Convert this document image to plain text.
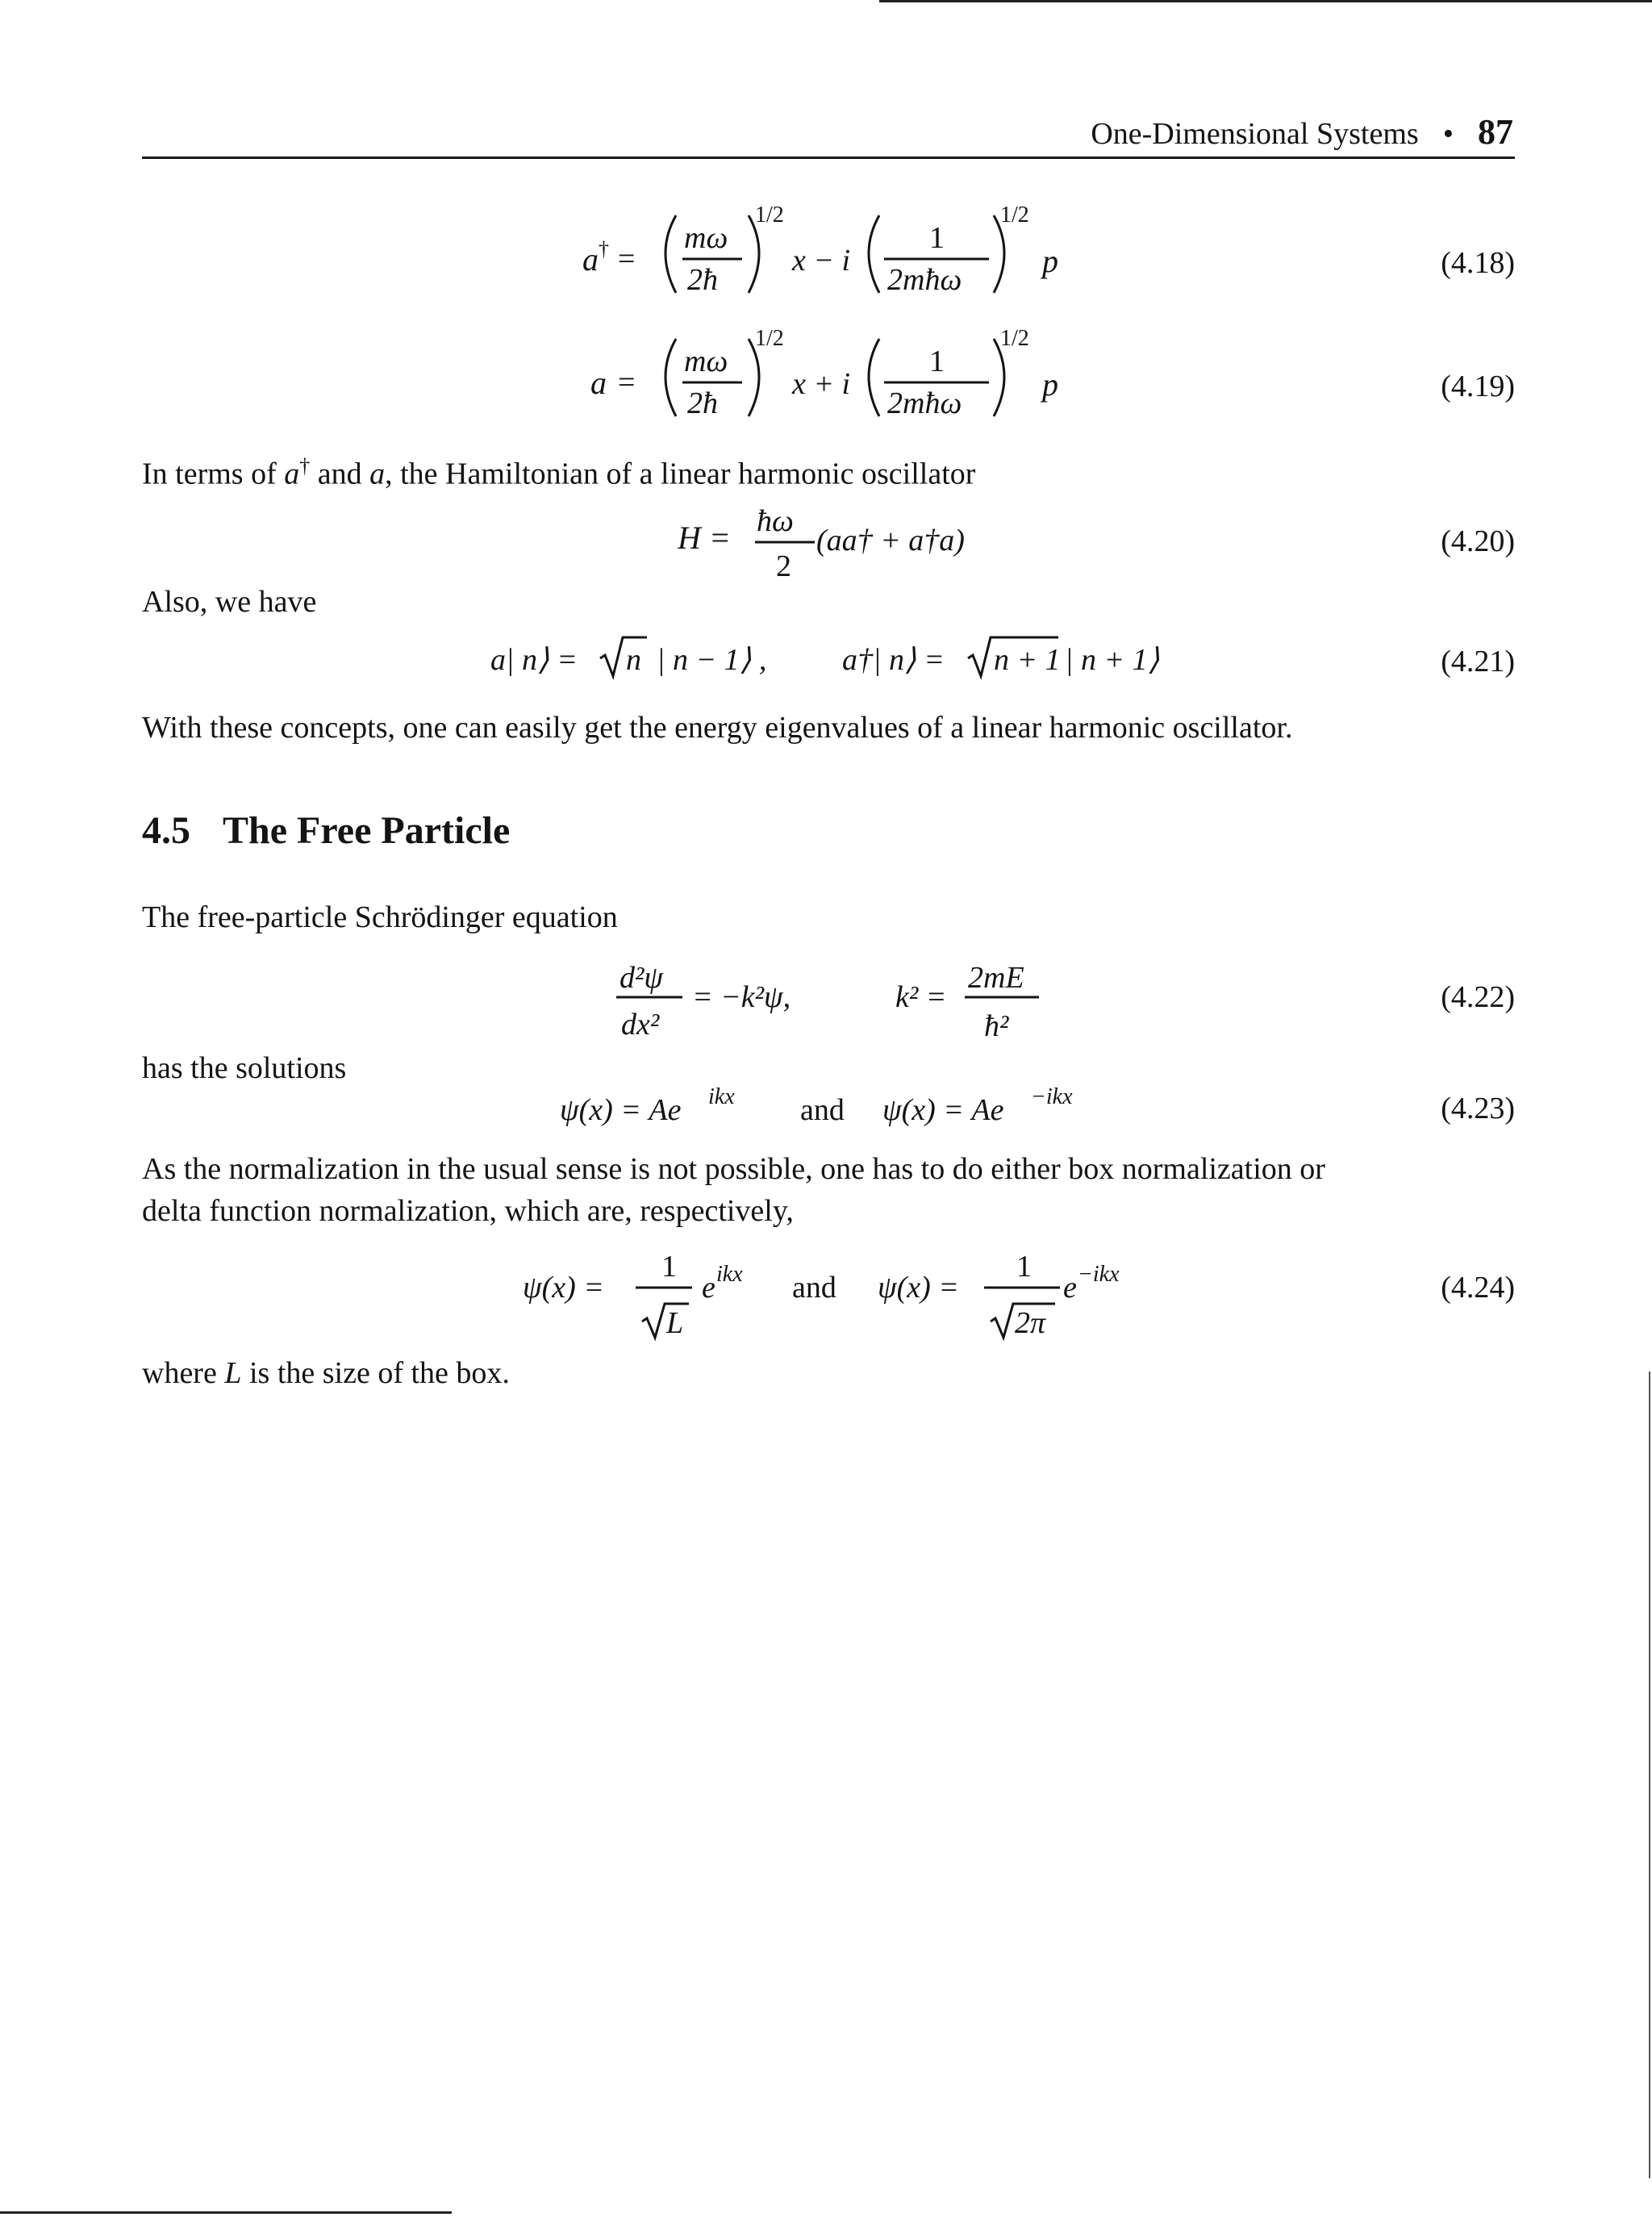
One-Dimensional Systems • 87
a † =
mω
2ħ
1/2
x − i
1
2mħω
1/2
p	(4.18)
a =
mω
2ħ
1/2
x + i
1
2mħω
1/2
p	(4.19)
In terms of a† and a, the Hamiltonian of a linear harmonic oscillator
H = ħω
2
(aa† + a†a)	(4.20)
Also, we have
a| n⟩ = n | n − 1⟩ , a†| n⟩ = n + 1 | n + 1⟩	(4.21)
With these concepts, one can easily get the energy eigenvalues of a linear harmonic oscillator.
4.5 The Free Particle
The free-particle Schrödinger equation
d²ψ
dx²
= −k²ψ,	k² =
2mE
ħ²
(4.22)
has the solutions
ψ(x) = Ae ikx and ψ(x) = Ae −ikx	(4.23)
As the normalization in the usual sense is not possible, one has to do either box normalization or
delta function normalization, which are, respectively,
ψ(x) =
1
L
e ikx and ψ(x) =
1
2π
e −ikx	(4.24)
where L is the size of the box.
